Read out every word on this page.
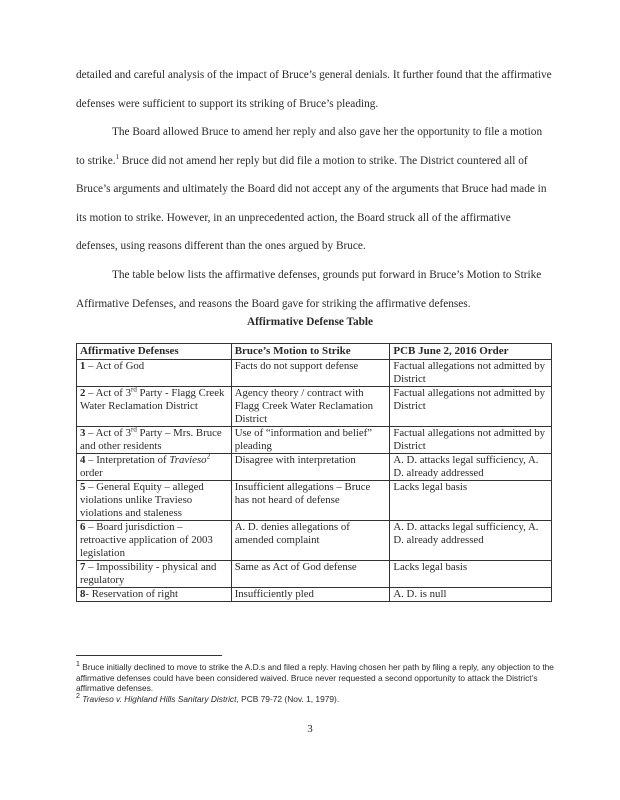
detailed and careful analysis of the impact of Bruce’s general denials. It further found that the affirmative defenses were sufficient to support its striking of Bruce’s pleading.

The Board allowed Bruce to amend her reply and also gave her the opportunity to file a motion to strike.$^1$ Bruce did not amend her reply but did file a motion to strike. The District countered all of Bruce’s arguments and ultimately the Board did not accept any of the arguments that Bruce had made in its motion to strike. However, in an unprecedented action, the Board struck all of the affirmative defenses, using reasons different than the ones argued by Bruce.

The table below lists the affirmative defenses, grounds put forward in Bruce’s Motion to Strike Affirmative Defenses, and reasons the Board gave for striking the affirmative defenses.

Affirmative Defense Table

Affirmative Defenses	Bruce’s Motion to Strike	PCB June 2, 2016 Order
1 – Act of God	Facts do not support defense	Factual allegations not admitted by District
2 – Act of 3rd Party - Flagg Creek Water Reclamation District	Agency theory / contract with Flagg Creek Water Reclamation District	Factual allegations not admitted by District
3 – Act of 3rd Party – Mrs. Bruce and other residents	Use of “information and belief” pleading	Factual allegations not admitted by District
4 – Interpretation of Travieso$^2$ order	Disagree with interpretation	A. D. attacks legal sufficiency, A. D. already addressed
5 – General Equity – alleged violations unlike Travieso violations and staleness	Insufficient allegations – Bruce has not heard of defense	Lacks legal basis
6 – Board jurisdiction – retroactive application of 2003 legislation	A. D. denies allegations of amended complaint	A. D. attacks legal sufficiency, A. D. already addressed
7 – Impossibility - physical and regulatory	Same as Act of God defense	Lacks legal basis
8- Reservation of right	Insufficiently pled	A. D. is null

$^1$ Bruce initially declined to move to strike the A.D.s and filed a reply. Having chosen her path by filing a reply, any objection to the affirmative defenses could have been considered waived. Bruce never requested a second opportunity to attack the District’s affirmative defenses.

$^2$ Travieso v. Highland Hills Sanitary District, PCB 79-72 (Nov. 1, 1979).

3
